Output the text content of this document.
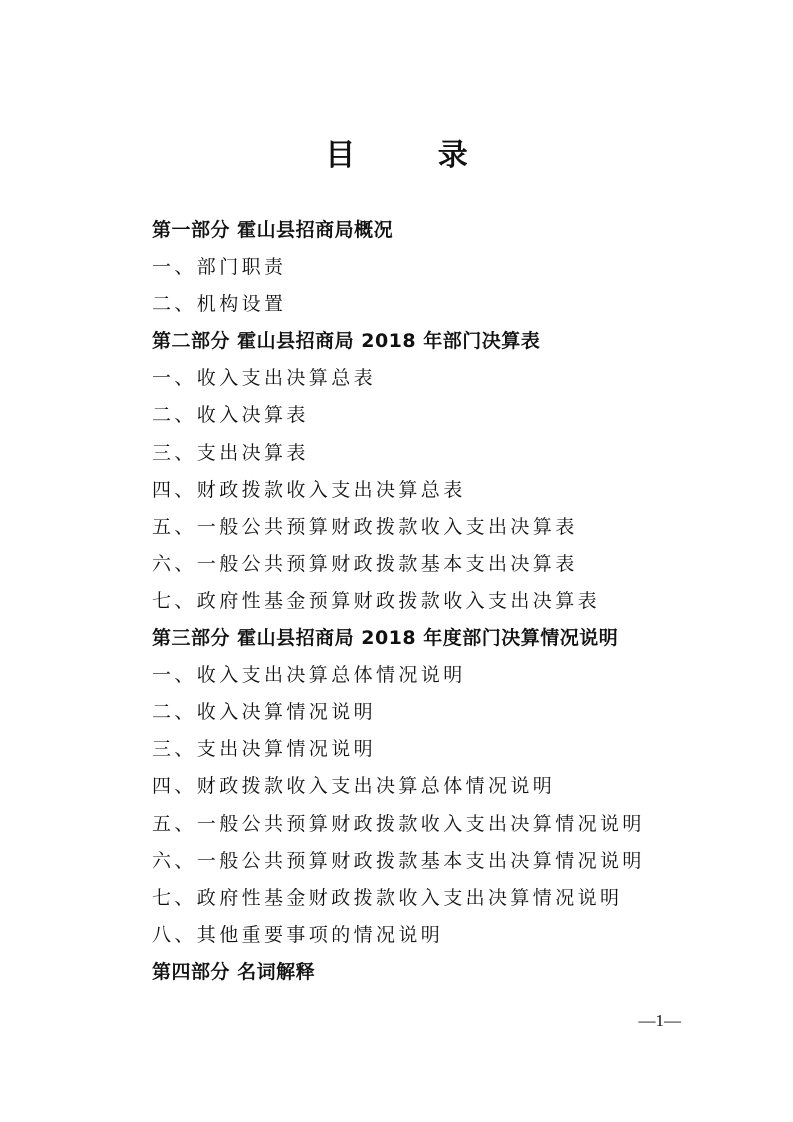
目 录
第一部分 霍山县招商局概况
一、部门职责
二、机构设置
第二部分 霍山县招商局 2018 年部门决算表
一、收入支出决算总表
二、收入决算表
三、支出决算表
四、财政拨款收入支出决算总表
五、一般公共预算财政拨款收入支出决算表
六、一般公共预算财政拨款基本支出决算表
七、政府性基金预算财政拨款收入支出决算表
第三部分 霍山县招商局 2018 年度部门决算情况说明
一、收入支出决算总体情况说明
二、收入决算情况说明
三、支出决算情况说明
四、财政拨款收入支出决算总体情况说明
五、一般公共预算财政拨款收入支出决算情况说明
六、一般公共预算财政拨款基本支出决算情况说明
七、政府性基金财政拨款收入支出决算情况说明
八、其他重要事项的情况说明
第四部分 名词解释
—1—
